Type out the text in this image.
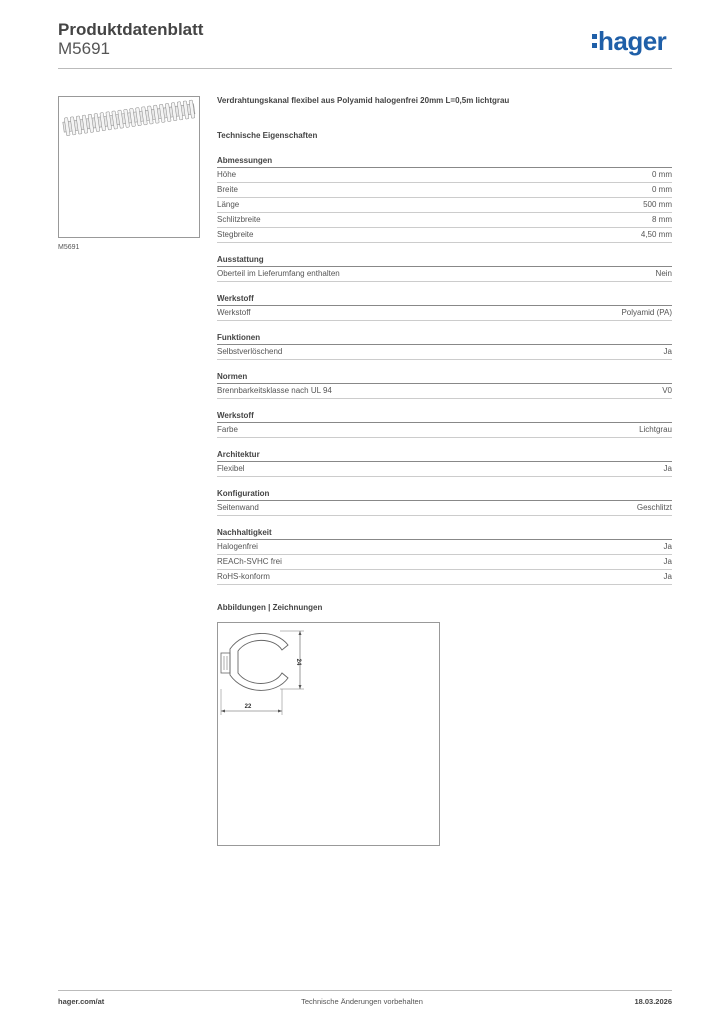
Produktdatenblatt
M5691	hager
M5691
Verdrahtungskanal flexibel aus Polyamid halogenfrei 20mm L=0,5m lichtgrau
Technische Eigenschaften
Abmessungen
Höhe	0 mm
Breite	0 mm
Länge	500 mm
Schlitzbreite	8 mm
Stegbreite	4,50 mm
Ausstattung
Oberteil im Lieferumfang enthalten	Nein
Werkstoff
Werkstoff	Polyamid (PA)
Funktionen
Selbstverlöschend	Ja
Normen
Brennbarkeitsklasse nach UL 94	V0
Werkstoff
Farbe	Lichtgrau
Architektur
Flexibel	Ja
Konfiguration
Seitenwand	Geschlitzt
Nachhaltigkeit
Halogenfrei	Ja
REACh-SVHC frei	Ja
RoHS-konform	Ja
Abbildungen | Zeichnungen
24
22
hager.com/at	Technische Änderungen vorbehalten	18.03.2026
